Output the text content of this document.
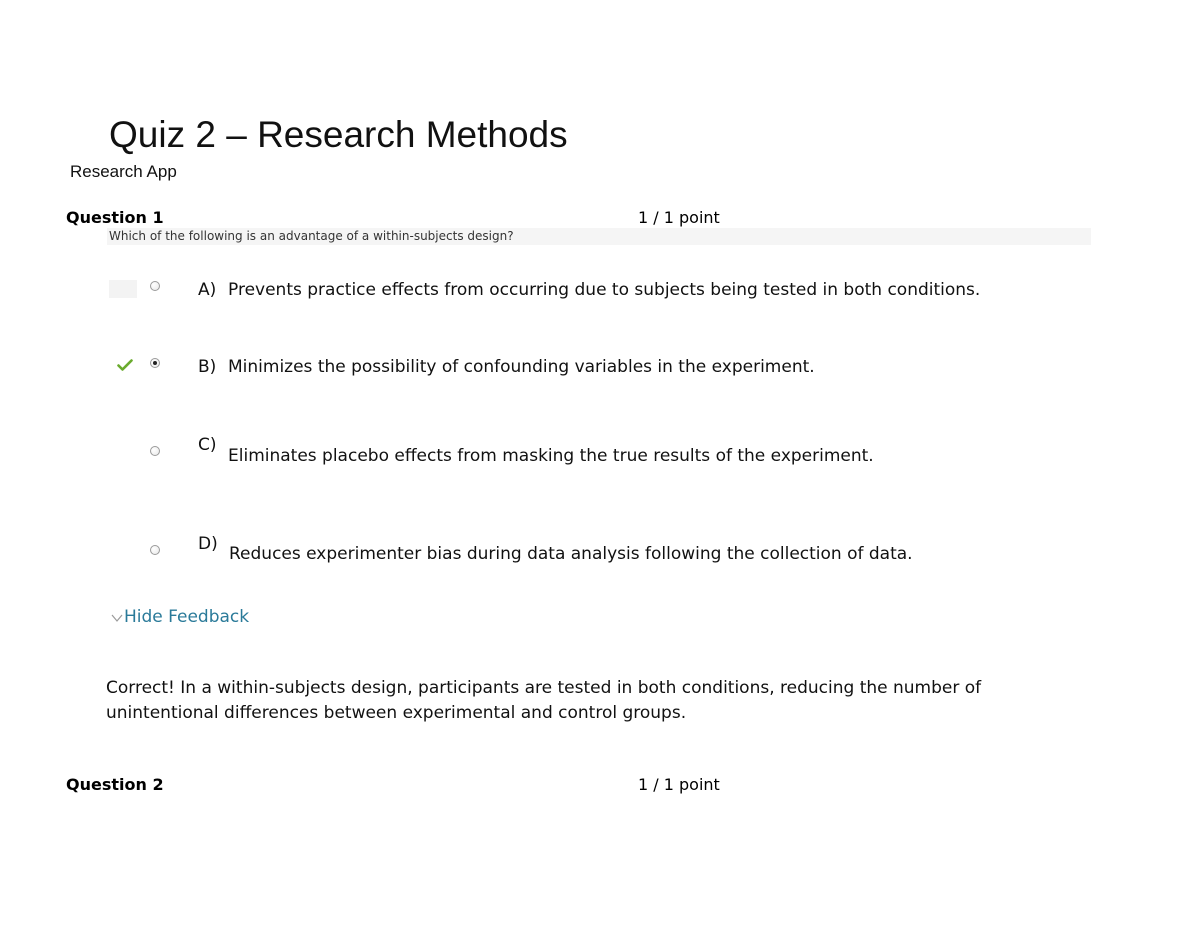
Quiz 2 – Research Methods
Research App
Question 1	1 / 1 point
Which of the following is an advantage of a within-subjects design?
A) Prevents practice effects from occurring due to subjects being tested in both conditions.
B) Minimizes the possibility of confounding variables in the experiment.
C)
Eliminates placebo effects from masking the true results of the experiment.
D) Reduces experimenter bias during data analysis following the collection of data.
Hide Feedback
Correct! In a within-subjects design, participants are tested in both conditions, reducing the number of unintentional differences between experimental and control groups.
Question 2	1 / 1 point
